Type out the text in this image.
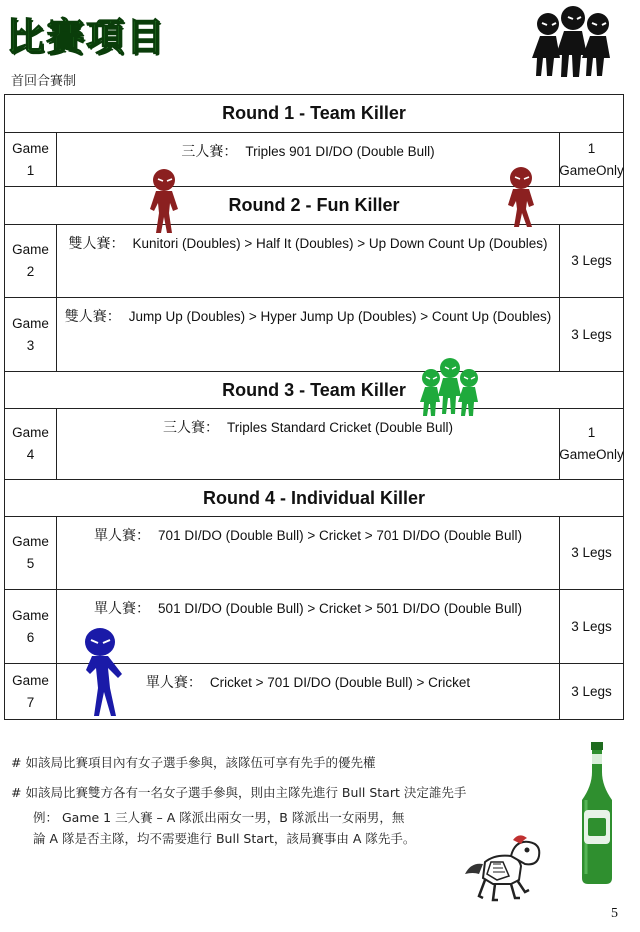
比賽項目
首回合賽制
Round 1 - Team Killer
Game
1
三人賽： Triples 901 DI/DO (Double Bull)	1 GameOnly
Round 2 - Fun Killer
Game
2
雙人賽： Kunitori (Doubles) > Half It (Doubles) > Up Down Count Up (Doubles)
3 Legs
Game
3
雙人賽： Jump Up (Doubles) > Hyper Jump Up (Doubles) > Count Up (Doubles)
3 Legs
Round 3 - Team Killer
Game
4
三人賽： Triples Standard Cricket (Double Bull)	1 GameOnly
Round 4 - Individual Killer
Game
5
單人賽： 701 DI/DO (Double Bull) > Cricket > 701 DI/DO (Double Bull)
3 Legs
Game
6
單人賽： 501 DI/DO (Double Bull) > Cricket > 501 DI/DO (Double Bull)
3 Legs
Game
7
單人賽： Cricket > 701 DI/DO (Double Bull) > Cricket
3 Legs
# 如該局比賽項目內有女子選手參與，該隊伍可享有先手的優先權
# 如該局比賽雙方各有一名女子選手參與，則由主隊先進行 Bull Start 決定誰先手
例： Game 1 三人賽 – A 隊派出兩女一男，B 隊派出一女兩男，無
論 A 隊是否主隊，均不需要進行 Bull Start，該局賽事由 A 隊先手。
5
